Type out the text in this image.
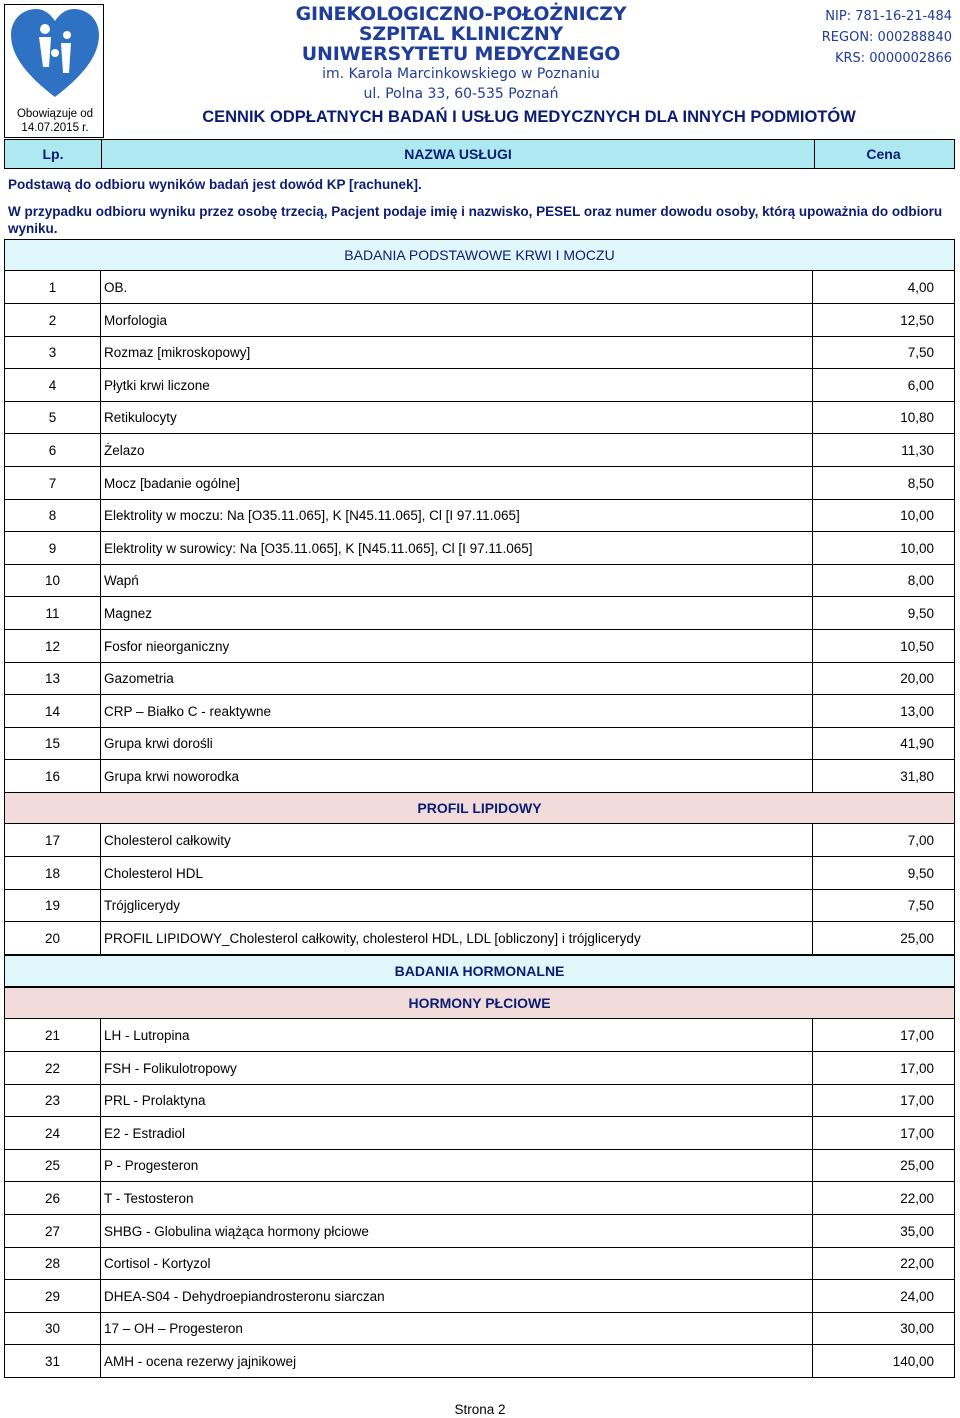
Obowiązuje od
14.07.2015 r.
GINEKOLOGICZNO-POŁOŻNICZY
SZPITAL KLINICZNY
UNIWERSYTETU MEDYCZNEGO
im. Karola Marcinkowskiego w Poznaniu
ul. Polna 33, 60-535 Poznań
NIP: 781-16-21-484
REGON: 000288840
KRS: 0000002866
CENNIK ODPŁATNYCH BADAŃ I USŁUG MEDYCZNYCH DLA INNYCH PODMIOTÓW
Lp.	NAZWA USŁUGI	Cena
Podstawą do odbioru wyników badań jest dowód KP [rachunek].
W przypadku odbioru wyniku przez osobę trzecią, Pacjent podaje imię i nazwisko, PESEL oraz numer dowodu osoby, którą upoważnia do odbioru wyniku.
BADANIA PODSTAWOWE KRWI I MOCZU
1	OB.	4,00
2	Morfologia	12,50
3	Rozmaz [mikroskopowy]	7,50
4	Płytki krwi liczone	6,00
5	Retikulocyty	10,80
6	Żelazo	11,30
7	Mocz [badanie ogólne]	8,50
8	Elektrolity w moczu: Na [O35.11.065], K [N45.11.065], Cl [I 97.11.065]	10,00
9	Elektrolity w surowicy: Na [O35.11.065], K [N45.11.065], Cl [I 97.11.065]	10,00
10	Wapń	8,00
11	Magnez	9,50
12	Fosfor nieorganiczny	10,50
13	Gazometria	20,00
14	CRP – Białko C - reaktywne	13,00
15	Grupa krwi dorośli	41,90
16	Grupa krwi noworodka	31,80
PROFIL LIPIDOWY
17	Cholesterol całkowity	7,00
18	Cholesterol HDL	9,50
19	Trójglicerydy	7,50
20	PROFIL LIPIDOWY_Cholesterol całkowity, cholesterol HDL, LDL [obliczony] i trójglicerydy	25,00
BADANIA HORMONALNE
HORMONY PŁCIOWE
21	LH - Lutropina	17,00
22	FSH - Folikulotropowy	17,00
23	PRL - Prolaktyna	17,00
24	E2 - Estradiol	17,00
25	P - Progesteron	25,00
26	T - Testosteron	22,00
27	SHBG - Globulina wiążąca hormony płciowe	35,00
28	Cortisol - Kortyzol	22,00
29	DHEA-S04 - Dehydroepiandrosteronu siarczan	24,00
30	17 – OH – Progesteron	30,00
31	AMH - ocena rezerwy jajnikowej	140,00
Strona 2
